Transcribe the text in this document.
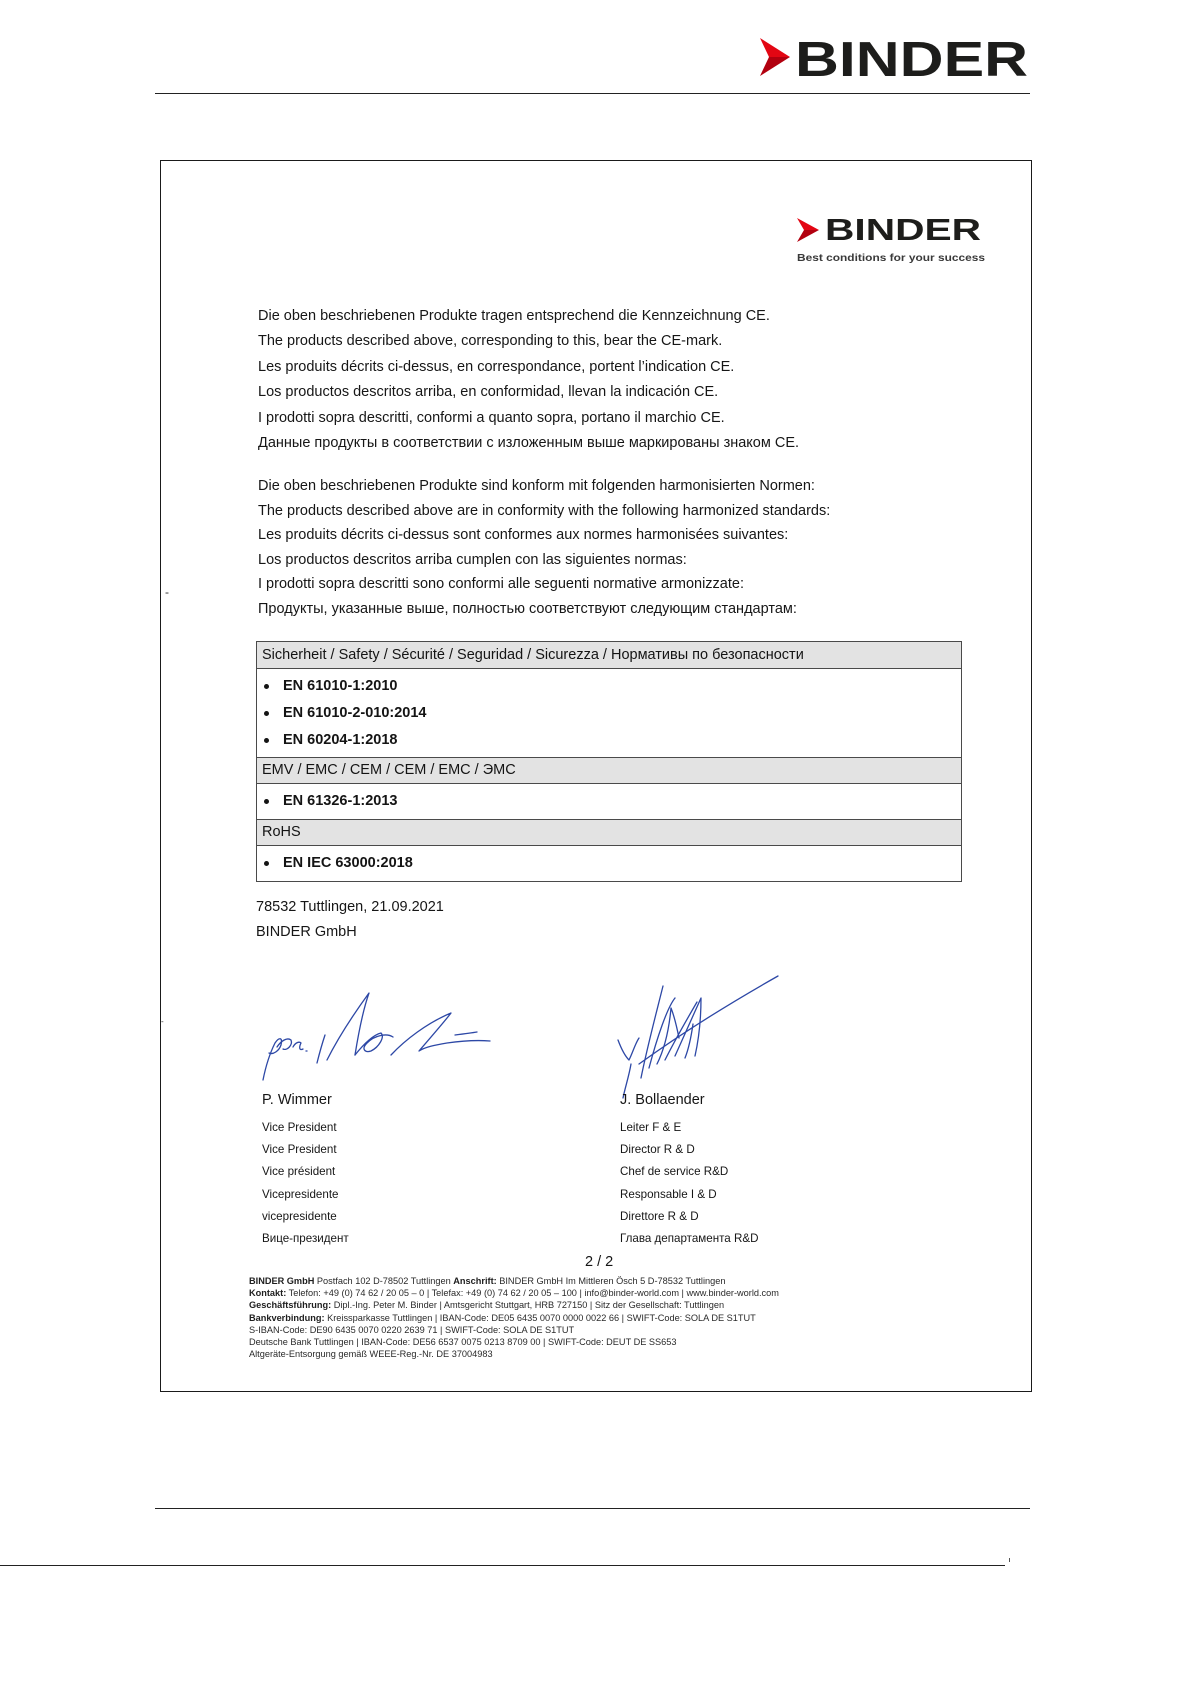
BINDER
BINDER
Best conditions for your success
Die oben beschriebenen Produkte tragen entsprechend die Kennzeichnung CE.
The products described above, corresponding to this, bear the CE-mark.
Les produits décrits ci-dessus, en correspondance, portent l’indication CE.
Los productos descritos arriba, en conformidad, llevan la indicación CE.
I prodotti sopra descritti, conformi a quanto sopra, portano il marchio CE.
Данные продукты в соответствии с изложенным выше маркированы знаком CE.
Die oben beschriebenen Produkte sind konform mit folgenden harmonisierten Normen:
The products described above are in conformity with the following harmonized standards:
Les produits décrits ci-dessus sont conformes aux normes harmonisées suivantes:
Los productos descritos arriba cumplen con las siguientes normas:
I prodotti sopra descritti sono conformi alle seguenti normative armonizzate:
Продукты, указанные выше, полностью соответствуют следующим стандартам:
-
-
Sicherheit / Safety / Sécurité / Seguridad / Sicurezza / Нормативы по безопасности
EN 61010-1:2010
EN 61010-2-010:2014
EN 60204-1:2018
EMV / EMC / CEM / CEM / EMC / ЭМС
EN 61326-1:2013
RoHS
EN IEC 63000:2018
78532 Tuttlingen, 21.09.2021
BINDER GmbH
P. Wimmer	J. Bollaender
Vice President
Vice President
Vice président
Vicepresidente
vicepresidente
Вице-президент
Leiter F & E
Director R & D
Chef de service R&D
Responsable I & D
Direttore R & D
Глава департамента R&D
2 / 2
BINDER GmbH Postfach 102 D-78502 Tuttlingen Anschrift: BINDER GmbH Im Mittleren Ösch 5 D-78532 Tuttlingen
Kontakt: Telefon: +49 (0) 74 62 / 20 05 – 0 | Telefax: +49 (0) 74 62 / 20 05 – 100 | info@binder-world.com | www.binder-world.com
Geschäftsführung: Dipl.-Ing. Peter M. Binder | Amtsgericht Stuttgart, HRB 727150 | Sitz der Gesellschaft: Tuttlingen
Bankverbindung: Kreissparkasse Tuttlingen | IBAN-Code: DE05 6435 0070 0000 0022 66 | SWIFT-Code: SOLA DE S1TUT
S-IBAN-Code: DE90 6435 0070 0220 2639 71 | SWIFT-Code: SOLA DE S1TUT
Deutsche Bank Tuttlingen | IBAN-Code: DE56 6537 0075 0213 8709 00 | SWIFT-Code: DEUT DE SS653
Altgeräte-Entsorgung gemäß WEEE-Reg.-Nr. DE 37004983
